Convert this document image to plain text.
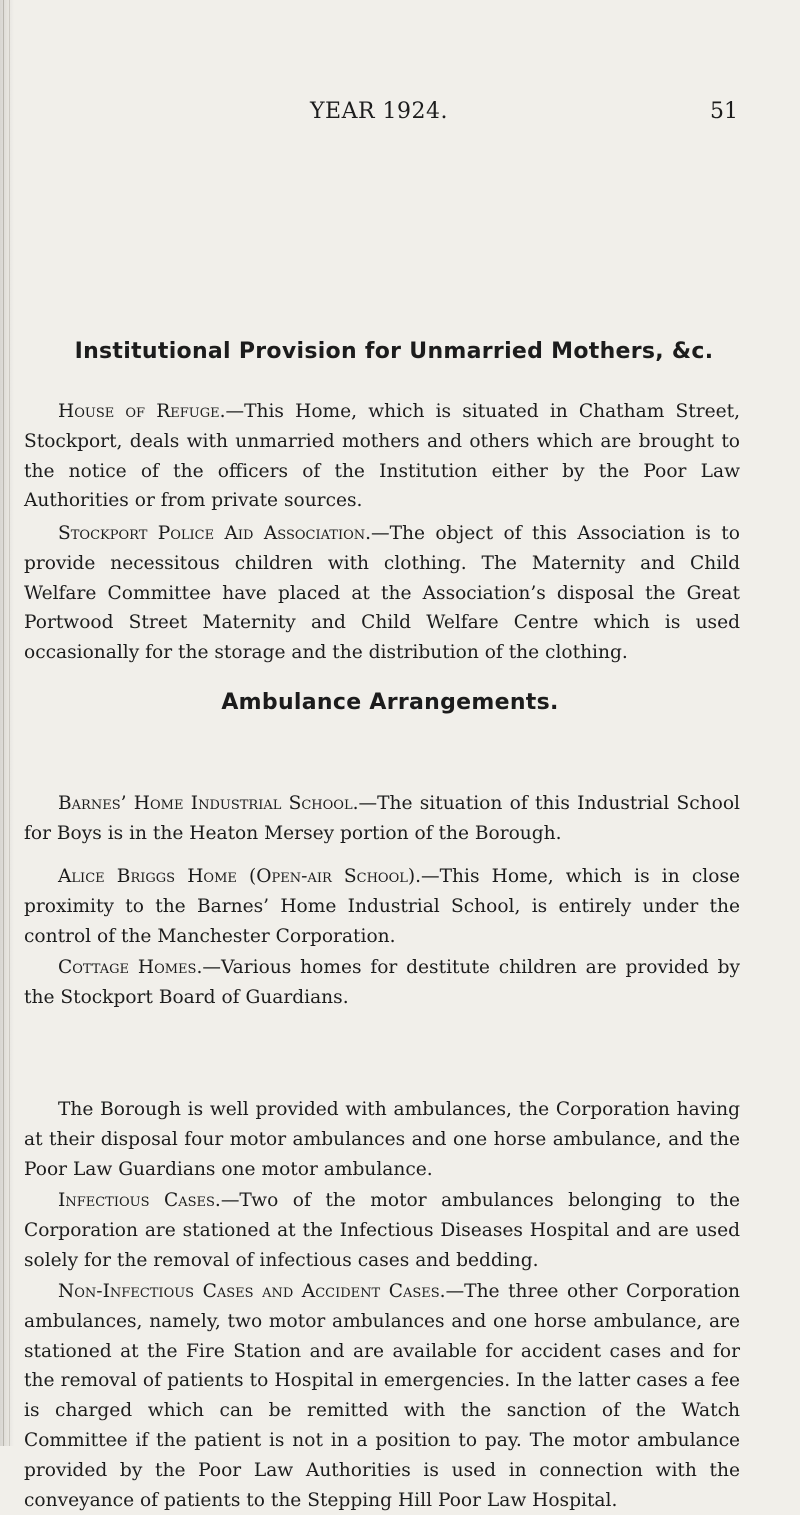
YEAR 1924.	51
Institutional Provision for Unmarried Mothers, &c.

House of Refuge.—This Home, which is situated in Chatham Street, Stockport, deals with unmarried mothers and others which are brought to the notice of the officers of the Institution either by the Poor Law Authorities or from private sources.

Stockport Police Aid Association.—The object of this Association is to provide necessitous children with clothing. The Maternity and Child Welfare Committee have placed at the Association’s disposal the Great Portwood Street Maternity and Child Welfare Centre which is used occasionally for the storage and the distribution of the clothing.

Barnes’ Home Industrial School.—The situation of this Industrial School for Boys is in the Heaton Mersey portion of the Borough.

Alice Briggs Home (Open-air School).—This Home, which is in close proximity to the Barnes’ Home Industrial School, is entirely under the control of the Manchester Corporation.

Cottage Homes.—Various homes for destitute children are provided by the Stockport Board of Guardians.

Ambulance Arrangements.

The Borough is well provided with ambulances, the Corporation having at their disposal four motor ambulances and one horse ambulance, and the Poor Law Guardians one motor ambulance.

Infectious Cases.—Two of the motor ambulances belonging to the Corporation are stationed at the Infectious Diseases Hospital and are used solely for the removal of infectious cases and bedding.

Non-Infectious Cases and Accident Cases.—The three other Corporation ambulances, namely, two motor ambulances and one horse ambulance, are stationed at the Fire Station and are available for accident cases and for the removal of patients to Hospital in emergencies. In the latter cases a fee is charged which can be remitted with the sanction of the Watch Committee if the patient is not in a position to pay. The motor ambulance provided by the Poor Law Authorities is used in connection with the conveyance of patients to the Stepping Hill Poor Law Hospital.
